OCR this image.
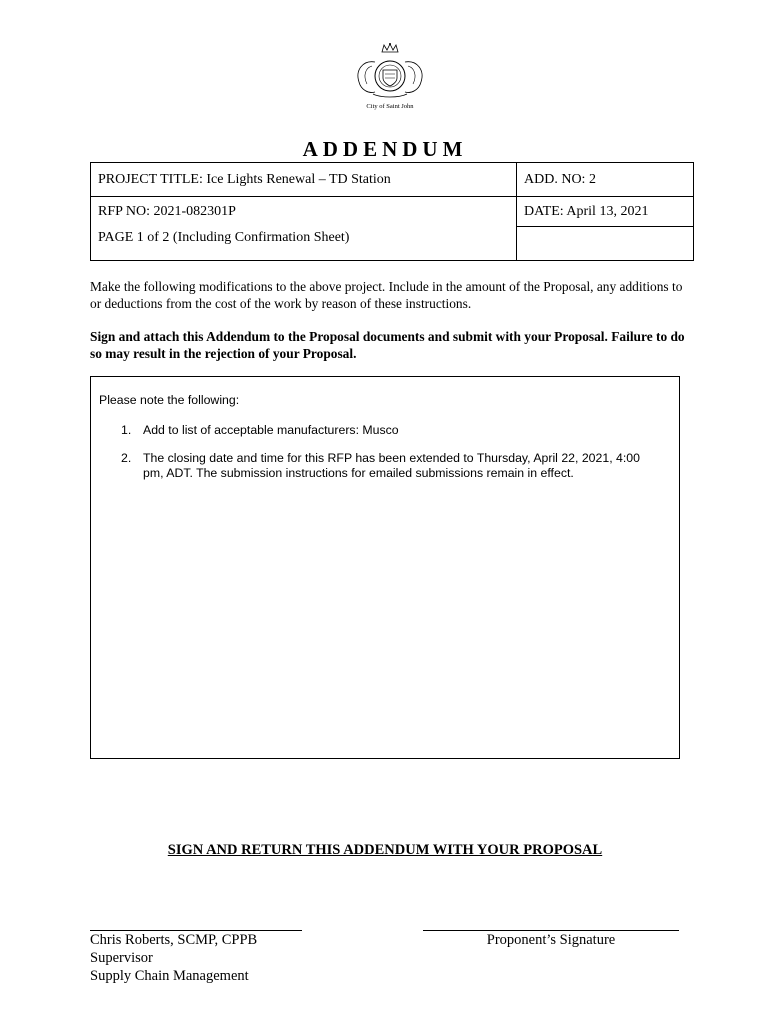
City of Saint John
ADDENDUM
PROJECT TITLE: Ice Lights Renewal – TD Station	ADD. NO: 2
RFP NO: 2021-082301P	DATE: April 13, 2021
PAGE 1 of 2 (Including Confirmation Sheet)	
Make the following modifications to the above project. Include in the amount of the Proposal, any additions to or deductions from the cost of the work by reason of these instructions.
Sign and attach this Addendum to the Proposal documents and submit with your Proposal. Failure to do so may result in the rejection of your Proposal.
Please note the following:
1. Add to list of acceptable manufacturers: Musco
2. The closing date and time for this RFP has been extended to Thursday, April 22, 2021, 4:00 pm, ADT. The submission instructions for emailed submissions remain in effect.
SIGN AND RETURN THIS ADDENDUM WITH YOUR PROPOSAL
Chris Roberts, SCMP, CPPB
Supervisor
Supply Chain Management
Proponent’s Signature
